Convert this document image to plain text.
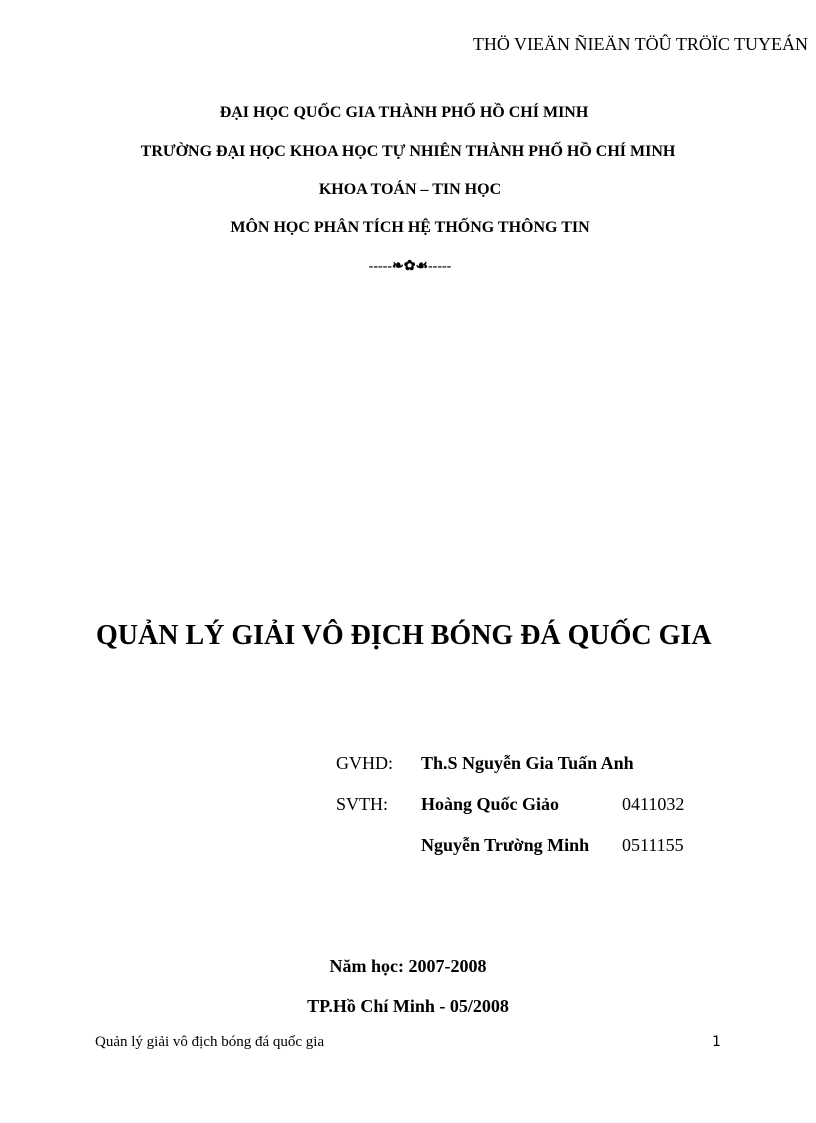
THÖ VIEÄN ÑIEÄN TÖÛ TRÖÏC TUYEÁN
ĐẠI HỌC QUỐC GIA THÀNH PHỐ HỒ CHÍ MINH
TRƯỜNG ĐẠI HỌC KHOA HỌC TỰ NHIÊN THÀNH PHỐ HỒ CHÍ MINH
KHOA TOÁN – TIN HỌC
MÔN HỌC PHÂN TÍCH HỆ THỐNG THÔNG TIN
-----❧✿☙-----
QUẢN LÝ GIẢI VÔ ĐỊCH BÓNG ĐÁ QUỐC GIA
GVHD: Th.S Nguyễn Gia Tuấn Anh
SVTH: Hoàng Quốc Giảo	0411032
Nguyễn Trường Minh 0511155
Năm học: 2007-2008
TP.Hồ Chí Minh - 05/2008
Quản lý giải vô địch bóng đá quốc gia	1
